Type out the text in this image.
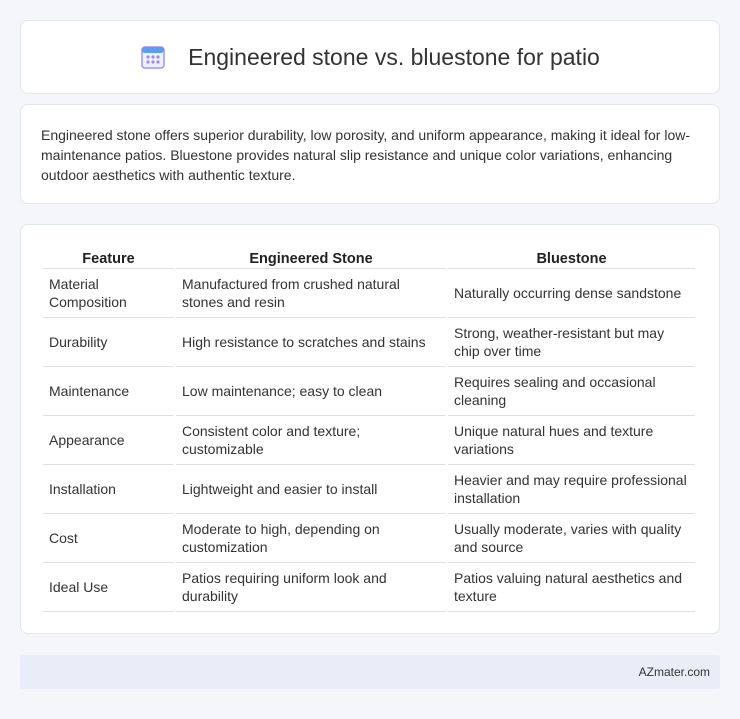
Engineered stone vs. bluestone for patio

Engineered stone offers superior durability, low porosity, and uniform appearance, making it ideal for low-maintenance patios. Bluestone provides natural slip resistance and unique color variations, enhancing outdoor aesthetics with authentic texture.

Feature	Engineered Stone	Bluestone
Material Composition	Manufactured from crushed natural stones and resin	Naturally occurring dense sandstone
Durability	High resistance to scratches and stains	Strong, weather-resistant but may chip over time
Maintenance	Low maintenance; easy to clean	Requires sealing and occasional cleaning
Appearance	Consistent color and texture; customizable	Unique natural hues and texture variations
Installation	Lightweight and easier to install	Heavier and may require professional installation
Cost	Moderate to high, depending on customization	Usually moderate, varies with quality and source
Ideal Use	Patios requiring uniform look and durability	Patios valuing natural aesthetics and texture
AZmater.com
